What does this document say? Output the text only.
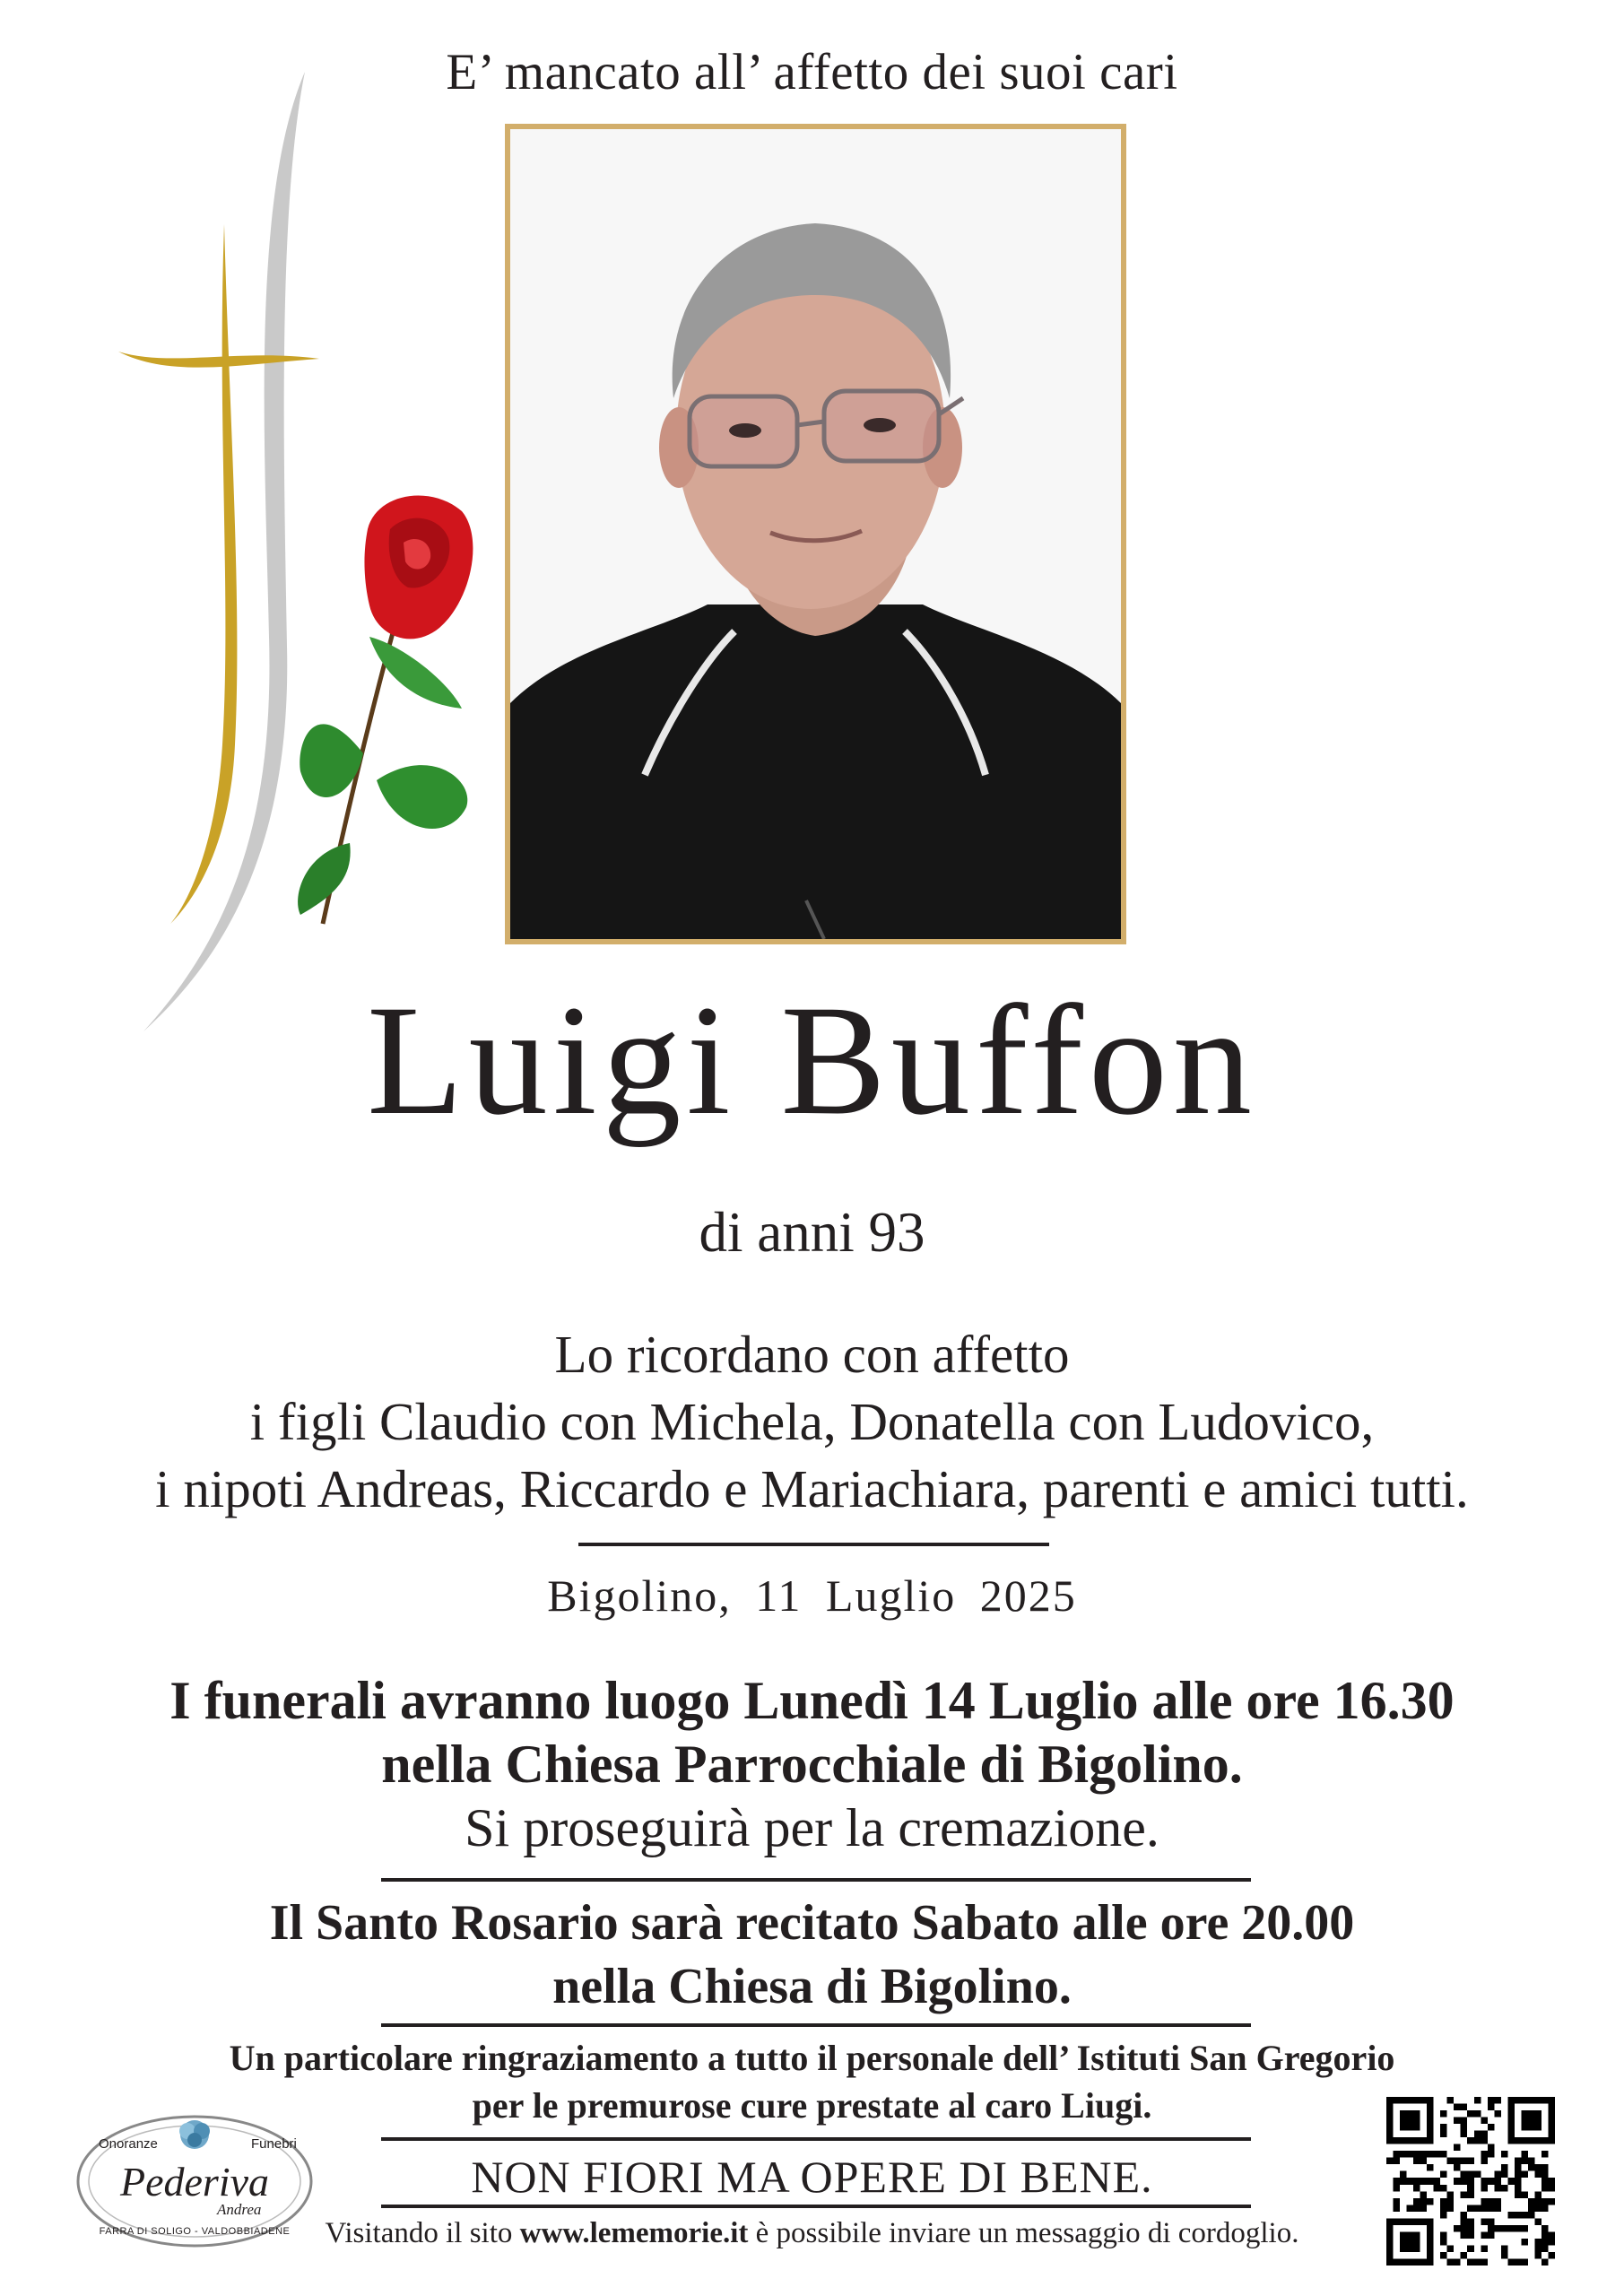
E’ mancato all’ affetto dei suoi cari
Luigi Buffon
di anni 93
Lo ricordano con affetto
i figli Claudio con Michela, Donatella con Ludovico,
i nipoti Andreas, Riccardo e Mariachiara, parenti e amici tutti.
Bigolino, 11 Luglio 2025
I funerali avranno luogo Lunedì 14 Luglio alle ore 16.30
nella Chiesa Parrocchiale di Bigolino.
Si proseguirà per la cremazione.
Il Santo Rosario sarà recitato Sabato alle ore 20.00
nella Chiesa di Bigolino.
Un particolare ringraziamento a tutto il personale dell’ Istituti San Gregorio
per le premurose cure prestate al caro Liugi.
NON FIORI MA OPERE DI BENE.
Visitando il sito www.lememorie.it è possibile inviare un messaggio di cordoglio.
Onoranze	Funebri
Pederiva
Andrea
FARRA DI SOLIGO - VALDOBBIADENE
